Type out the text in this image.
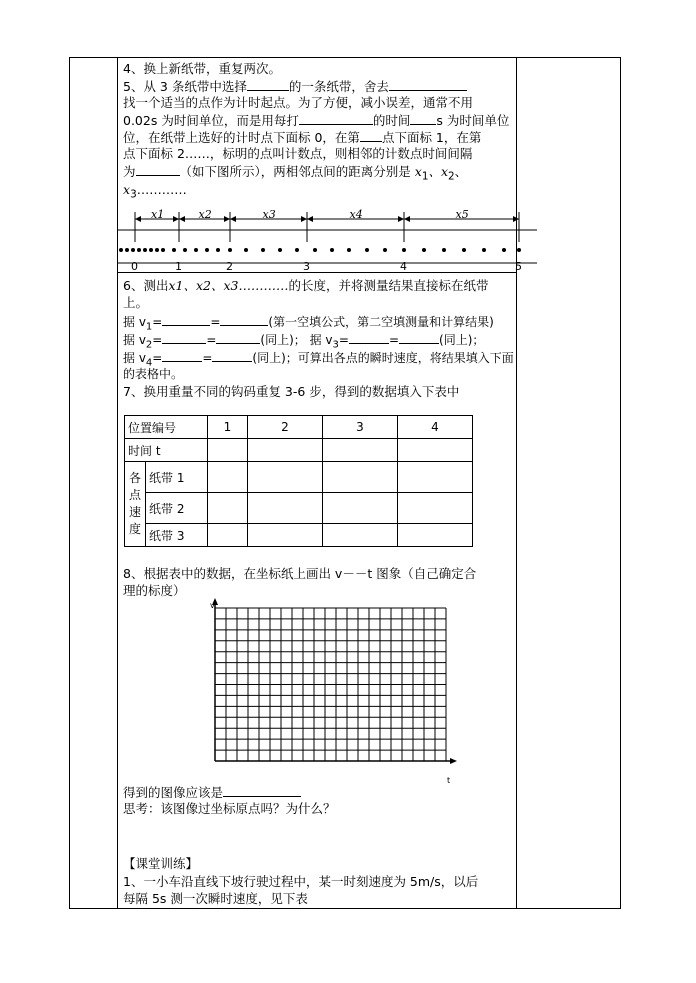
4、换上新纸带，重复两次。
5、从 3 条纸带中选择	的一条纸带，舍去
找一个适当的点作为计时起点。为了方便，减小误差，通常不用
0.02s 为时间单位，而是用每打	的时间 s 为时间单位
位，在纸带上选好的计时点下面标 0，在第 点下面标 1，在第
点下面标 2……，标明的点叫计数点，则相邻的计数点时间间隔
为	（如下图所示），两相邻点间的距离分别是 $x_1$、$x_2$、
$x_3\dots\dots\dots\dots$
0	1	2	3	4	5
x1	x2	x3	x4	x5
6、测出x1、x2、x3…………的长度，并将测量结果直接标在纸带
上。
据 $v_1=$	=	(第一空填公式，第二空填测量和计算结果)
据 $v_2=$	=	(同上)； 据 $v_3=$	=	(同上)；
据 $v_4=$	=	(同上)；可算出各点的瞬时速度，将结果填入下面
的表格中。
7、换用重量不同的钩码重复 3-6 步，得到的数据填入下表中
位置编号		1	2	3	4
时间 t					
各
点
速
度	纸带 1				
	纸带 2				
	纸带 3				
8、根据表中的数据，在坐标纸上画出 v－－t 图象（自己确定合
理的标度）
v
t
得到的图像应该是
思考：该图像过坐标原点吗？为什么？
【课堂训练】
1、一小车沿直线下坡行驶过程中，某一时刻速度为 5m/s，以后
每隔 5s 测一次瞬时速度，见下表
